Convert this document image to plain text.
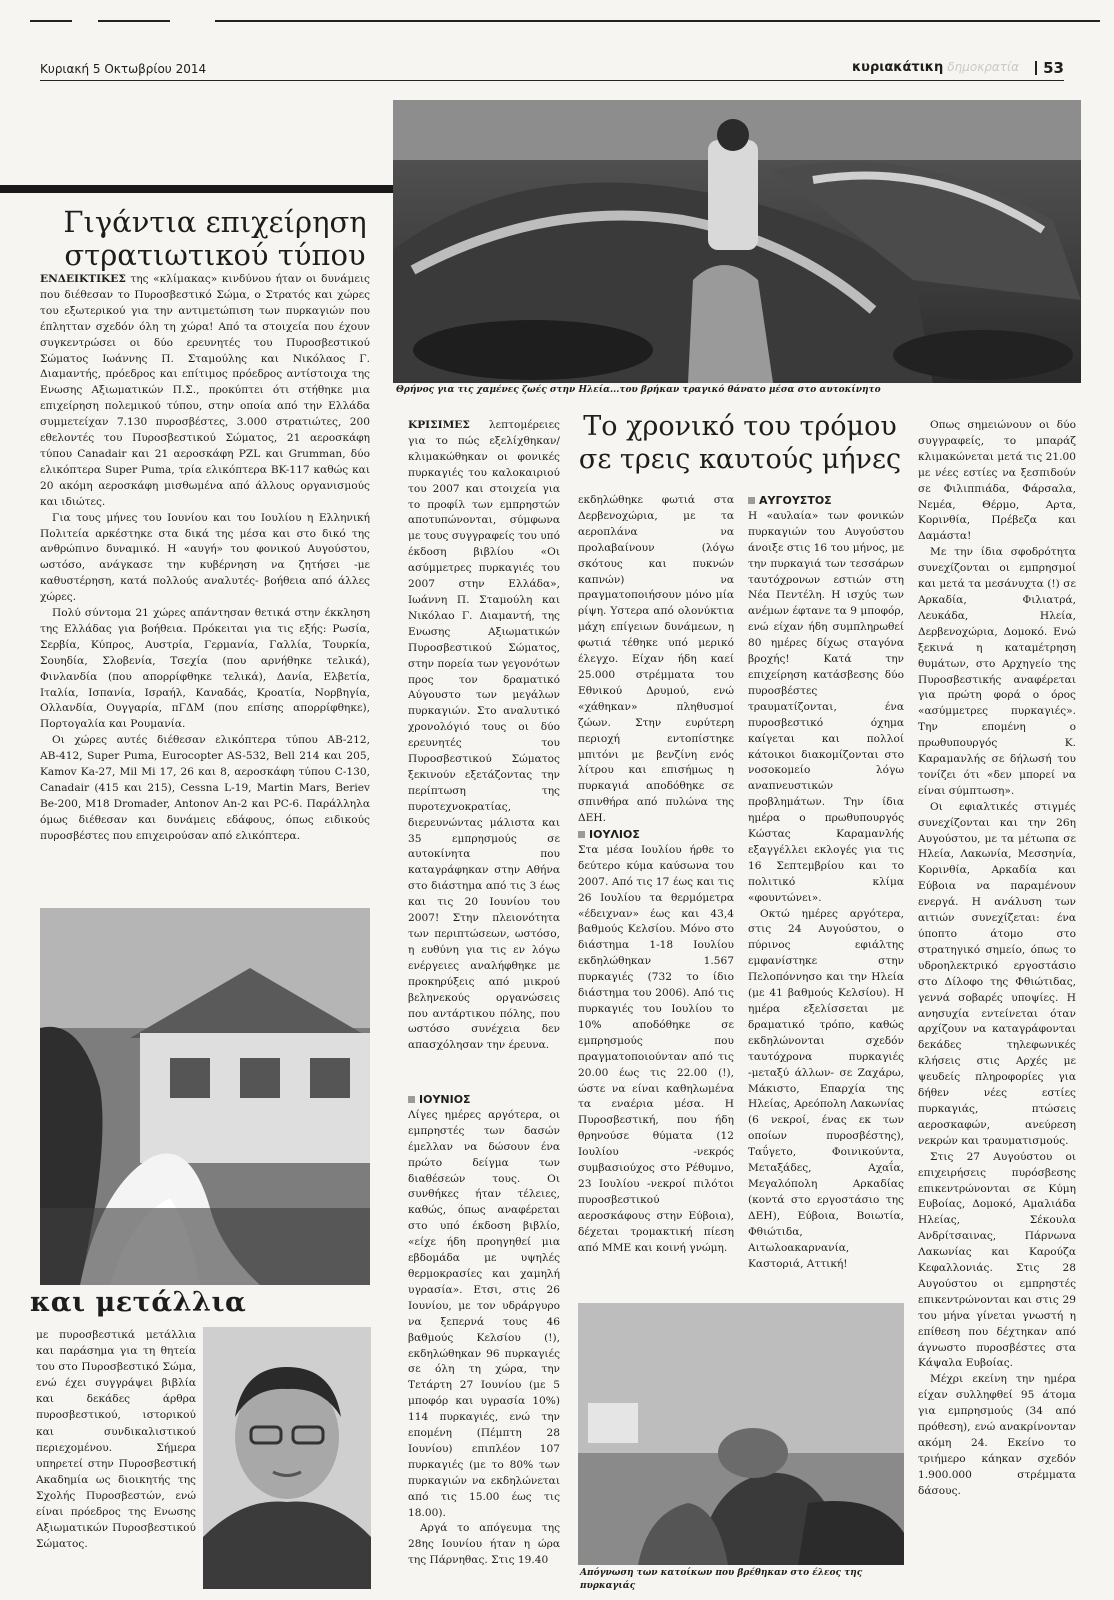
Κυριακή 5 Οκτωβρίου 2014	κυριακάτικη δημοκρατία	53
Θρήνος για τις χαμένες ζωές στην Ηλεία...του βρήκαν τραγικό θάνατο μέσα στο αυτοκίνητο
Γιγάντια επιχείρηση στρατιωτικού τύπου

ΕΝΔΕΙΚΤΙΚΕΣ της «κλίμακας» κινδύνου ήταν οι δυνάμεις που διέθεσαν το Πυροσβεστικό Σώμα, ο Στρατός και χώρες του εξωτερικού για την αντιμετώπιση των πυρκαγιών που έπλητταν σχεδόν όλη τη χώρα! Από τα στοιχεία που έχουν συγκεντρώσει οι δύο ερευνητές του Πυροσβεστικού Σώματος Ιωάννης Π. Σταμούλης και Νικόλαος Γ. Διαμαντής, πρόεδρος και επίτιμος πρόεδρος αντίστοιχα της Ενωσης Αξιωματικών Π.Σ., προκύπτει ότι στήθηκε μια επιχείρηση πολεμικού τύπου, στην οποία από την Ελλάδα συμμετείχαν 7.130 πυροσβέστες, 3.000 στρατιώτες, 200 εθελοντές του Πυροσβεστικού Σώματος, 21 αεροσκάφη τύπου Canadair και 21 αεροσκάφη PZL και Grumman, δύο ελικόπτερα Super Puma, τρία ελικόπτερα BK-117 καθώς και 20 ακόμη αεροσκάφη μισθωμένα από άλλους οργανισμούς και ιδιώτες.

Για τους μήνες του Ιουνίου και του Ιουλίου η Ελληνική Πολιτεία αρκέστηκε στα δικά της μέσα και στο δικό της ανθρώπινο δυναμικό. Η «αυγή» του φονικού Αυγούστου, ωστόσο, ανάγκασε την κυβέρνηση να ζητήσει -με καθυστέρηση, κατά πολλούς αναλυτές- βοήθεια από άλλες χώρες.

Πολύ σύντομα 21 χώρες απάντησαν θετικά στην έκκληση της Ελλάδας για βοήθεια. Πρόκειται για τις εξής: Ρωσία, Σερβία, Κύπρος, Αυστρία, Γερμανία, Γαλλία, Τουρκία, Σουηδία, Σλοβενία, Τσεχία (που αρνήθηκε τελικά), Φινλανδία (που απορρίφθηκε τελικά), Δανία, Ελβετία, Ιταλία, Ισπανία, Ισραήλ, Καναδάς, Κροατία, Νορβηγία, Ολλανδία, Ουγγαρία, πΓΔΜ (που επίσης απορρίφθηκε), Πορτογαλία και Ρουμανία.

Οι χώρες αυτές διέθεσαν ελικόπτερα τύπου ΑΒ-212, ΑΒ-412, Super Puma, Eurocopter AS-532, Bell 214 και 205, Kamov Ka-27, Mil Mi 17, 26 και 8, αεροσκάφη τύπου C-130, Canadair (415 και 215), Cessna L-19, Martin Mars, Beriev Be-200, M18 Dromader, Antonov An-2 και PC-6. Παράλληλα όμως διέθεσαν και δυνάμεις εδάφους, όπως ειδικούς πυροσβέστες που επιχειρούσαν από ελικόπτερα.

και μετάλλια
με πυροσβεστικά μετάλλια και παράσημα για τη θητεία του στο Πυροσβεστικό Σώμα, ενώ έχει συγγράψει βιβλία και δεκάδες άρθρα πυροσβεστικού, ιστορικού και συνδικαλιστικού περιεχομένου. Σήμερα υπηρετεί στην Πυροσβεστική Ακαδημία ως διοικητής της Σχολής Πυροσβεστών, ενώ είναι πρόεδρος της Ενωσης Αξιωματικών Πυροσβεστικού Σώματος.

ΚΡΙΣΙΜΕΣ λεπτομέρειες για το πώς εξελίχθηκαν/κλιμακώθηκαν οι φονικές πυρκαγιές του καλοκαιριού του 2007 και στοιχεία για το προφίλ των εμπρηστών αποτυπώνονται, σύμφωνα με τους συγγραφείς του υπό έκδοση βιβλίου «Οι ασύμμετρες πυρκαγιές του 2007 στην Ελλάδα», Ιωάννη Π. Σταμούλη και Νικόλαο Γ. Διαμαντή, της Ενωσης Αξιωματικών Πυροσβεστικού Σώματος, στην πορεία των γεγονότων προς τον δραματικό Αύγουστο των μεγάλων πυρκαγιών. Στο αναλυτικό χρονολόγιό τους οι δύο ερευνητές του Πυροσβεστικού Σώματος ξεκινούν εξετάζοντας την περίπτωση της πυροτεχνοκρατίας, διερευνώντας μάλιστα και 35 εμπρησμούς σε αυτοκίνητα που καταγράφηκαν στην Αθήνα στο διάστημα από τις 3 έως και τις 20 Ιουνίου του 2007! Στην πλειονότητα των περιπτώσεων, ωστόσο, η ευθύνη για τις εν λόγω ενέργειες αναλήφθηκε με προκηρύξεις από μικρού βεληνεκούς οργανώσεις που αντάρτικου πόλης, που ωστόσο συνέχεια δεν απασχόλησαν την έρευνα.

Το χρονικό του τρόμου σε τρεις καυτούς μήνες

ΙΟΥΝΙΟΣ

Λίγες ημέρες αργότερα, οι εμπρηστές των δασών έμελλαν να δώσουν ένα πρώτο δείγμα των διαθέσεών τους. Οι συνθήκες ήταν τέλειες, καθώς, όπως αναφέρεται στο υπό έκδοση βιβλίο, «είχε ήδη προηγηθεί μια εβδομάδα με υψηλές θερμοκρασίες και χαμηλή υγρασία». Ετσι, στις 26 Ιουνίου, με τον υδράργυρο να ξεπερνά τους 46 βαθμούς Κελσίου (!), εκδηλώθηκαν 96 πυρκαγιές σε όλη τη χώρα, την Τετάρτη 27 Ιουνίου (με 5 μποφόρ και υγρασία 10%) 114 πυρκαγιές, ενώ την επομένη (Πέμπτη 28 Ιουνίου) επιπλέον 107 πυρκαγιές (με το 80% των πυρκαγιών να εκδηλώνεται από τις 15.00 έως τις 18.00).

Αργά το απόγευμα της 28ης Ιουνίου ήταν η ώρα της Πάρνηθας. Στις 19.40

εκδηλώθηκε φωτιά στα Δερβενοχώρια, με τα αεροπλάνα να προλαβαίνουν (λόγω σκότους και πυκνών καπνών) να πραγματοποιήσουν μόνο μία ρίψη. Υστερα από ολονύκτια μάχη επίγειων δυνάμεων, η φωτιά τέθηκε υπό μερικό έλεγχο. Είχαν ήδη καεί 25.000 στρέμματα του Εθνικού Δρυμού, ενώ «χάθηκαν» πληθυσμοί ζώων. Στην ευρύτερη περιοχή εντοπίστηκε μπιτόνι με βενζίνη ενός λίτρου και επισήμως η πυρκαγιά αποδόθηκε σε σπινθήρα από πυλώνα της ΔΕΗ.

ΙΟΥΛΙΟΣ

Στα μέσα Ιουλίου ήρθε το δεύτερο κύμα καύσωνα του 2007. Από τις 17 έως και τις 26 Ιουλίου τα θερμόμετρα «έδειχναν» έως και 43,4 βαθμούς Κελσίου. Μόνο στο διάστημα 1-18 Ιουλίου εκδηλώθηκαν 1.567 πυρκαγιές (732 το ίδιο διάστημα του 2006). Από τις πυρκαγιές του Ιουλίου το 10% αποδόθηκε σε εμπρησμούς που πραγματοποιούνταν από τις 20.00 έως τις 22.00 (!), ώστε να είναι καθηλωμένα τα εναέρια μέσα. Η Πυροσβεστική, που ήδη θρηνούσε θύματα (12 Ιουλίου -νεκρός συμβασιούχος στο Ρέθυμνο, 23 Ιουλίου -νεκροί πιλότοι πυροσβεστικού αεροσκάφους στην Εύβοια), δέχεται τρομακτική πίεση από ΜΜΕ και κοινή γνώμη.

ΑΥΓΟΥΣΤΟΣ

Η «αυλαία» των φονικών πυρκαγιών του Αυγούστου άνοιξε στις 16 του μήνος, με την πυρκαγιά των τεσσάρων ταυτόχρονων εστιών στη Νέα Πεντέλη. Η ισχύς των ανέμων έφτανε τα 9 μποφόρ, ενώ είχαν ήδη συμπληρωθεί 80 ημέρες δίχως σταγόνα βροχής! Κατά την επιχείρηση κατάσβεσης δύο πυροσβέστες τραυματίζονται, ένα πυροσβεστικό όχημα καίγεται και πολλοί κάτοικοι διακομίζονται στο νοσοκομείο λόγω αναπνευστικών προβλημάτων. Την ίδια ημέρα ο πρωθυπουργός Κώστας Καραμανλής εξαγγέλλει εκλογές για τις 16 Σεπτεμβρίου και το πολιτικό κλίμα «φουντώνει».

Οκτώ ημέρες αργότερα, στις 24 Αυγούστου, ο πύρινος εφιάλτης εμφανίστηκε στην Πελοπόννησο και την Ηλεία (με 41 βαθμούς Κελσίου). Η ημέρα εξελίσσεται με δραματικό τρόπο, καθώς εκδηλώνονται σχεδόν ταυτόχρονα πυρκαγιές -μεταξύ άλλων- σε Ζαχάρω, Μάκιστο, Επαρχία της Ηλείας, Αρεόπολη Λακωνίας (6 νεκροί, ένας εκ των οποίων πυροσβέστης), Ταΰγετο, Φοινικούντα, Μεταξάδες, Αχαΐα, Μεγαλόπολη Αρκαδίας (κοντά στο εργοστάσιο της ΔΕΗ), Εύβοια, Βοιωτία, Φθιώτιδα, Αιτωλοακαρνανία, Καστοριά, Αττική!

Απόγνωση των κατοίκων που βρέθηκαν στο έλεος της πυρκαγιάς

Οπως σημειώνουν οι δύο συγγραφείς, το μπαράζ κλιμακώνεται μετά τις 21.00 με νέες εστίες να ξεσπιδούν σε Φιλιππιάδα, Φάρσαλα, Νεμέα, Θέρμο, Αρτα, Κορινθία, Πρέβεζα και Δαμάστα!

Με την ίδια σφοδρότητα συνεχίζονται οι εμπρησμοί και μετά τα μεσάνυχτα (!) σε Αρκαδία, Φιλιατρά, Λευκάδα, Ηλεία, Δερβενοχώρια, Δομοκό. Ενώ ξεκινά η καταμέτρηση θυμάτων, στο Αρχηγείο της Πυροσβεστικής αναφέρεται για πρώτη φορά ο όρος «ασύμμετρες πυρκαγιές». Την επομένη ο πρωθυπουργός Κ. Καραμανλής σε δήλωσή του τονίζει ότι «δεν μπορεί να είναι σύμπτωση».

Οι εφιαλτικές στιγμές συνεχίζονται και την 26η Αυγούστου, με τα μέτωπα σε Ηλεία, Λακωνία, Μεσσηνία, Κορινθία, Αρκαδία και Εύβοια να παραμένουν ενεργά. Η ανάλυση των αιτιών συνεχίζεται: ένα ύποπτο άτομο στο στρατηγικό σημείο, όπως το υδροηλεκτρικό εργοστάσιο στο Δίλοφο της Φθιώτιδας, γεννά σοβαρές υποψίες. Η ανησυχία εντείνεται όταν αρχίζουν να καταγράφονται δεκάδες τηλεφωνικές κλήσεις στις Αρχές με ψευδείς πληροφορίες για δήθεν νέες εστίες πυρκαγιάς, πτώσεις αεροσκαφών, ανεύρεση νεκρών και τραυματισμούς.

Στις 27 Αυγούστου οι επιχειρήσεις πυρόσβεσης επικεντρώνονται σε Κύμη Ευβοίας, Δομοκό, Αμαλιάδα Ηλείας, Σέκουλα Ανδρίτσαινας, Πάρνωνα Λακωνίας και Καρούζα Κεφαλλονιάς. Στις 28 Αυγούστου οι εμπρηστές επικεντρώνονται και στις 29 του μήνα γίνεται γνωστή η επίθεση που δέχτηκαν από άγνωστο πυροσβέστες στα Κάψαλα Ευβοίας.

Μέχρι εκείνη την ημέρα είχαν συλληφθεί 95 άτομα για εμπρησμούς (34 από πρόθεση), ενώ ανακρίνονταν ακόμη 24. Εκείνο το τριήμερο κάηκαν σχεδόν 1.900.000 στρέμματα δάσους.
